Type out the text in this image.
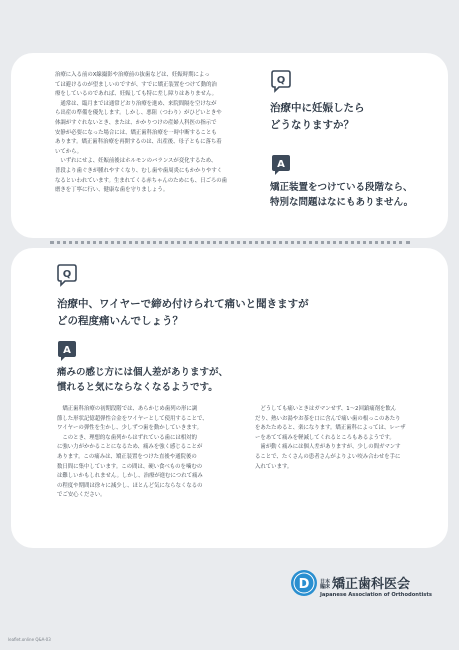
治療に入る前のX線撮影や治療前の抜歯などは、妊娠時期によっ
ては避けるのが望ましいのですが、すでに矯正装置をつけて動的治
療をしているのであれば、妊娠しても特に差し障りはありません。
　通常は、臨月までは通常どおり治療を進め、来院間隔を空けなが
ら出産の準備を優先します。しかし、悪阻（つわり）がひどいときや
体調がすぐれないとき、または、かかりつけの産婦人科医の指示で
安静が必要になった場合には、矯正歯科治療を一時中断することも
あります。矯正歯科治療を再開するのは、出産後、母子ともに落ち着
いてから。
　いずれにせよ、妊娠前後はホルモンのバランスが変化するため、
普段より歯ぐきが腫れやすくなり、むし歯や歯周炎にもかかりやすく
なるといわれています。生まれてくる赤ちゃんのためにも、日ごろの歯
磨きを丁寧に行い、健康な歯を守りましょう。

Q

治療中に妊娠したら
どうなりますか？

A

矯正装置をつけている段階なら、
特別な問題はなにもありません。

Q

治療中、ワイヤーで締め付けられて痛いと聞きますが
どの程度痛いんでしょう？

A

痛みの感じ方には個人差がありますが、
慣れると気にならなくなるようです。

　矯正歯科治療の初期段階では、あらかじめ歯列の形に調
節した形状記憶超弾性合金をワイヤーとして使用することで、
ワイヤーの弾性を生かし、少しずつ歯を動かしていきます。
　このとき、理想的な歯列からはずれている歯には相対的
に強い力がかかることになるため、痛みを強く感じることが
あります。この痛みは、矯正装置をつけた直後や通院後の
数日間に集中しています。この間は、硬い食べものを噛むの
は難しいかもしれません。しかし、治療が進むにつれて痛み
の程度や期間は徐々に減少し、ほとんど気にならなくなるの
でご安心ください。

　どうしても痛いときはガマンせず、1〜2回鎮痛剤を飲ん
だり、熱いお湯やお茶を口に含んで痛い歯の根っこのあたり
をあたためると、楽になります。矯正歯科によっては、レーザ
ーをあてて痛みを軽減してくれるところもあるようです。
　歯が動く痛みには個人差がありますが、少しの間ガマンす
ることで、たくさんの患者さんがよりよい咬み合わせを手に
入れています。

D 日本
臨床 矯正歯科医会
Japanese Association of Orthodontists
leaflet.online Q&A-03
